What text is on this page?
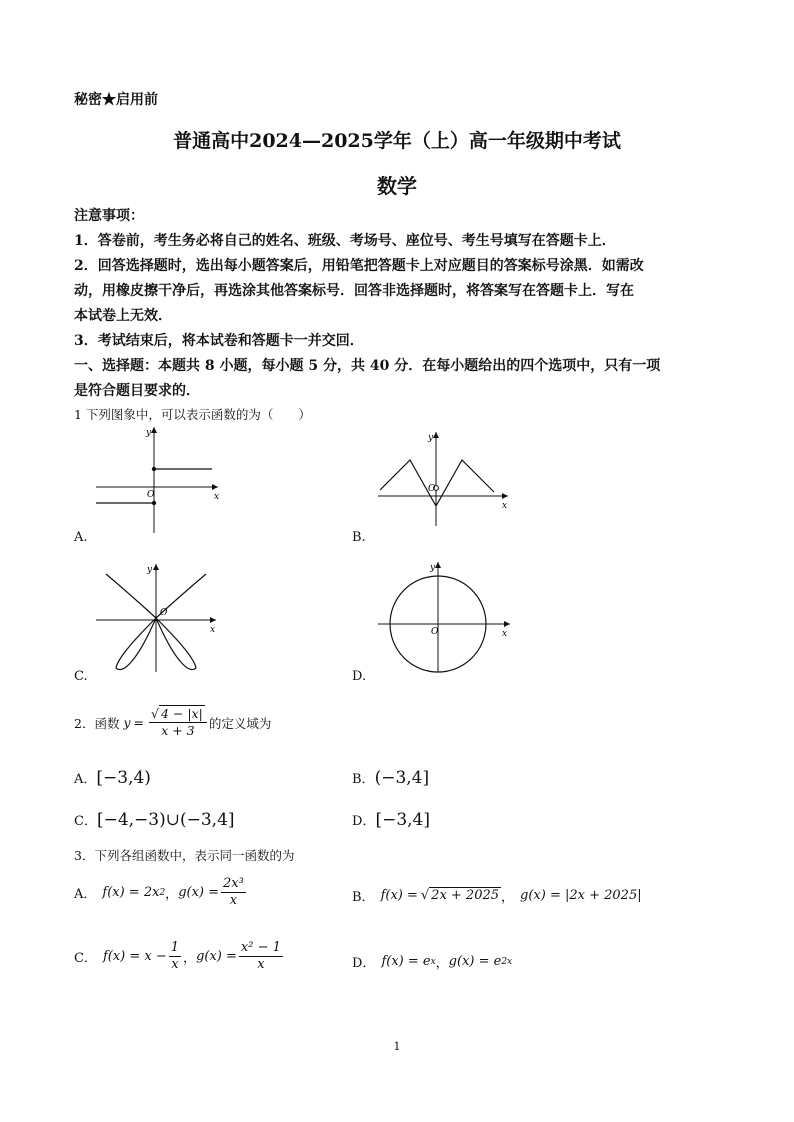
秘密★启用前
普通高中2024—2025学年（上）高一年级期中考试
数学
注意事项：
1．答卷前，考生务必将自己的姓名、班级、考场号、座位号、考生号填写在答题卡上．
2．回答选择题时，选出每小题答案后，用铅笔把答题卡上对应题目的答案标号涂黑．如需改
动，用橡皮擦干净后，再选涂其他答案标号．回答非选择题时，将答案写在答题卡上．写在
本试卷上无效．
3．考试结束后，将本试卷和答题卡一并交回．
一、选择题：本题共 8 小题，每小题 5 分，共 40 分．在每小题给出的四个选项中，只有一项
是符合题目要求的．
1 下列图象中，可以表示函数的为（　　）
y
x
O
A.
y
x
O
B.
y
x
O
C.
y
x
O
D.
2．函数 $y = \frac{√ 4 - |x|}{x + 3}$ 的定义域为
A．[−3,4)	B．(−3,4]
C．[−4,−3)∪(−3,4]	D．[−3,4]
3．下列各组函数中，表示同一函数的为
A． f(x) = 2x 2 ， $g(x) = \frac{\text{2x³}}{x}$	B． f(x) = √ 2x + 2025 ， g(x) = |2x + 2025|
C． $f(x) = x - \frac{1}{x}$ ， $g(x) = \frac{\text{x² − 1}}{x}$	D． f(x) = e x ， g(x) = e 2x
1
